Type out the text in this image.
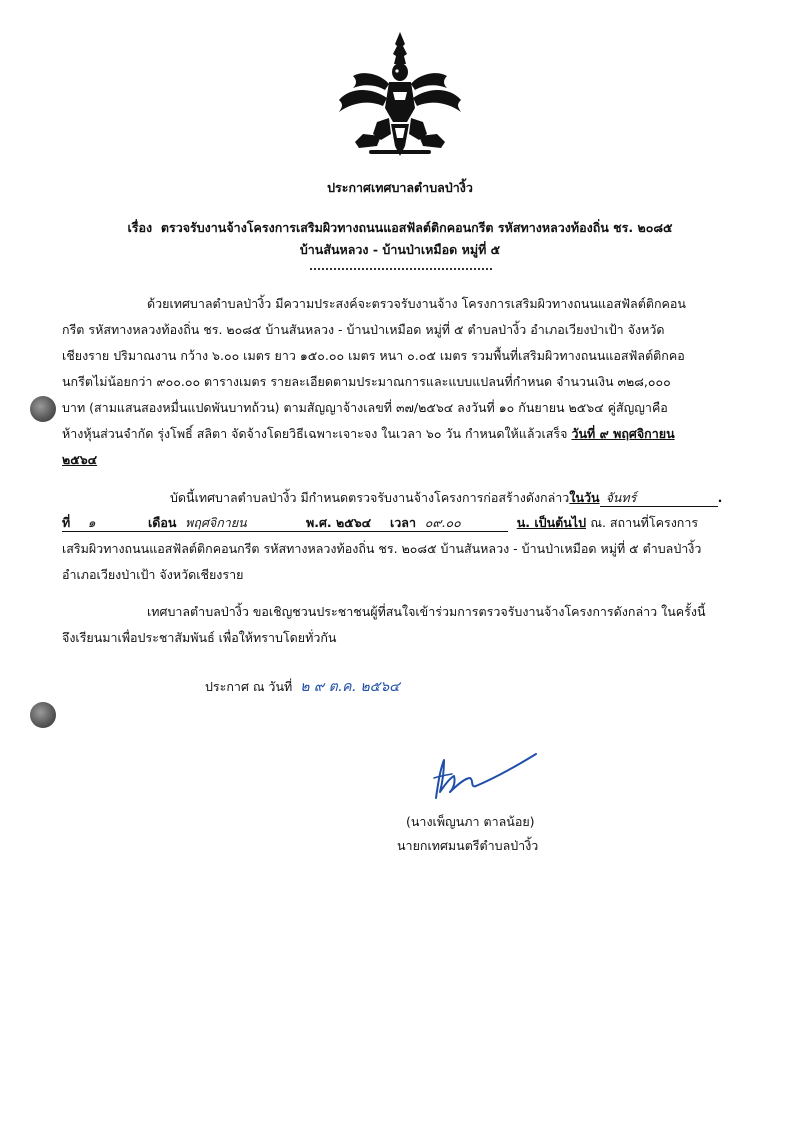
ประกาศเทศบาลตำบลป่างิ้ว
เรื่อง ตรวจรับงานจ้างโครงการเสริมผิวทางถนนแอสฟัลต์ติกคอนกรีต รหัสทางหลวงท้องถิ่น ชร. ๒๐๘๕
บ้านสันหลวง - บ้านป่าเหมือด หมู่ที่ ๕
ด้วยเทศบาลตำบลป่างิ้ว มีความประสงค์จะตรวจรับงานจ้าง โครงการเสริมผิวทางถนนแอสฟัลต์ติกคอน
กรีต รหัสทางหลวงท้องถิ่น ชร. ๒๐๘๕ บ้านสันหลวง - บ้านป่าเหมือด หมู่ที่ ๕ ตำบลป่างิ้ว อำเภอเวียงป่าเป้า จังหวัด
เชียงราย ปริมาณงาน กว้าง ๖.๐๐ เมตร ยาว ๑๕๐.๐๐ เมตร หนา ๐.๐๕ เมตร รวมพื้นที่เสริมผิวทางถนนแอสฟัลต์ติกคอ
นกรีตไม่น้อยกว่า ๙๐๐.๐๐ ตารางเมตร รายละเอียดตามประมาณการและแบบแปลนที่กำหนด จำนวนเงิน ๓๒๘,๐๐๐
บาท (สามแสนสองหมื่นแปดพันบาทถ้วน) ตามสัญญาจ้างเลขที่ ๓๗/๒๕๖๔ ลงวันที่ ๑๐ กันยายน ๒๕๖๔ คู่สัญญาคือ
ห้างหุ้นส่วนจำกัด รุ่งโพธิ์ สลิตา จัดจ้างโดยวิธีเฉพาะเจาะจง ในเวลา ๖๐ วัน กำหนดให้แล้วเสร็จ วันที่ ๙ พฤศจิกายน
๒๕๖๔
บัดนี้เทศบาลตำบลป่างิ้ว มีกำหนดตรวจรับงานจ้างโครงการก่อสร้างดังกล่าวในวัน จันทร์	.
ที่ ๑	เดือน พฤศจิกายน	พ.ศ. ๒๕๖๔ เวลา ๐๙.๐๐	น. เป็นต้นไป ณ. สถานที่โครงการ
เสริมผิวทางถนนแอสฟัลต์ติกคอนกรีต รหัสทางหลวงท้องถิ่น ชร. ๒๐๘๕ บ้านสันหลวง - บ้านป่าเหมือด หมู่ที่ ๕ ตำบลป่างิ้ว
อำเภอเวียงป่าเป้า จังหวัดเชียงราย
เทศบาลตำบลป่างิ้ว ขอเชิญชวนประชาชนผู้ที่สนใจเข้าร่วมการตรวจรับงานจ้างโครงการดังกล่าว ในครั้งนี้
จึงเรียนมาเพื่อประชาสัมพันธ์ เพื่อให้ทราบโดยทั่วกัน
ประกาศ ณ วันที่ ๒ ๙ ต.ค. ๒๕๖๔
(นางเพ็ญนภา ตาลน้อย)
นายกเทศมนตรีตำบลป่างิ้ว
